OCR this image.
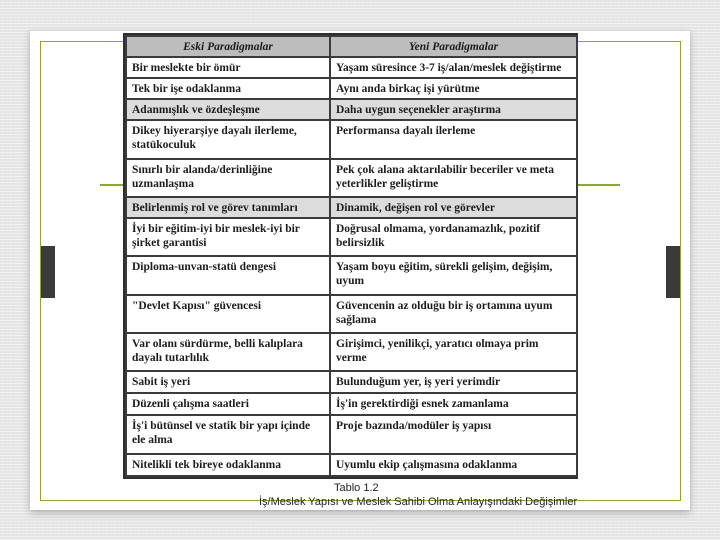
Eski Paradigmalar	Yeni Paradigmalar
Bir meslekte bir ömür	Yaşam süresince 3-7 iş/alan/meslek değiştirme
Tek bir işe odaklanma	Aynı anda birkaç işi yürütme
Adanmışlık ve özdeşleşme	Daha uygun seçenekler araştırma
Dikey hiyerarşiye dayalı ilerleme, statükoculuk	Performansa dayalı ilerleme
Sınırlı bir alanda/derinliğine uzmanlaşma	Pek çok alana aktarılabilir beceriler ve meta yeterlikler geliştirme
Belirlenmiş rol ve görev tanımları	Dinamik, değişen rol ve görevler
İyi bir eğitim-iyi bir meslek-iyi bir şirket garantisi	Doğrusal olmama, yordanamazlık, pozitif belirsizlik
Diploma-unvan-statü dengesi	Yaşam boyu eğitim, sürekli gelişim, değişim, uyum
"Devlet Kapısı" güvencesi	Güvencenin az olduğu bir iş ortamına uyum sağlama
Var olanı sürdürme, belli kalıplara dayalı tutarlılık	Girişimci, yenilikçi, yaratıcı olmaya prim verme
Sabit iş yeri	Bulunduğum yer, iş yeri yerimdir
Düzenli çalışma saatleri	İş'in gerektirdiği esnek zamanlama
İş'i bütünsel ve statik bir yapı içinde ele alma	Proje bazında/modüler iş yapısı
Nitelikli tek bireye odaklanma	Uyumlu ekip çalışmasına odaklanma
Tablo 1.2
İş/Meslek Yapısı ve Meslek Sahibi Olma Anlayışındaki Değişimler
